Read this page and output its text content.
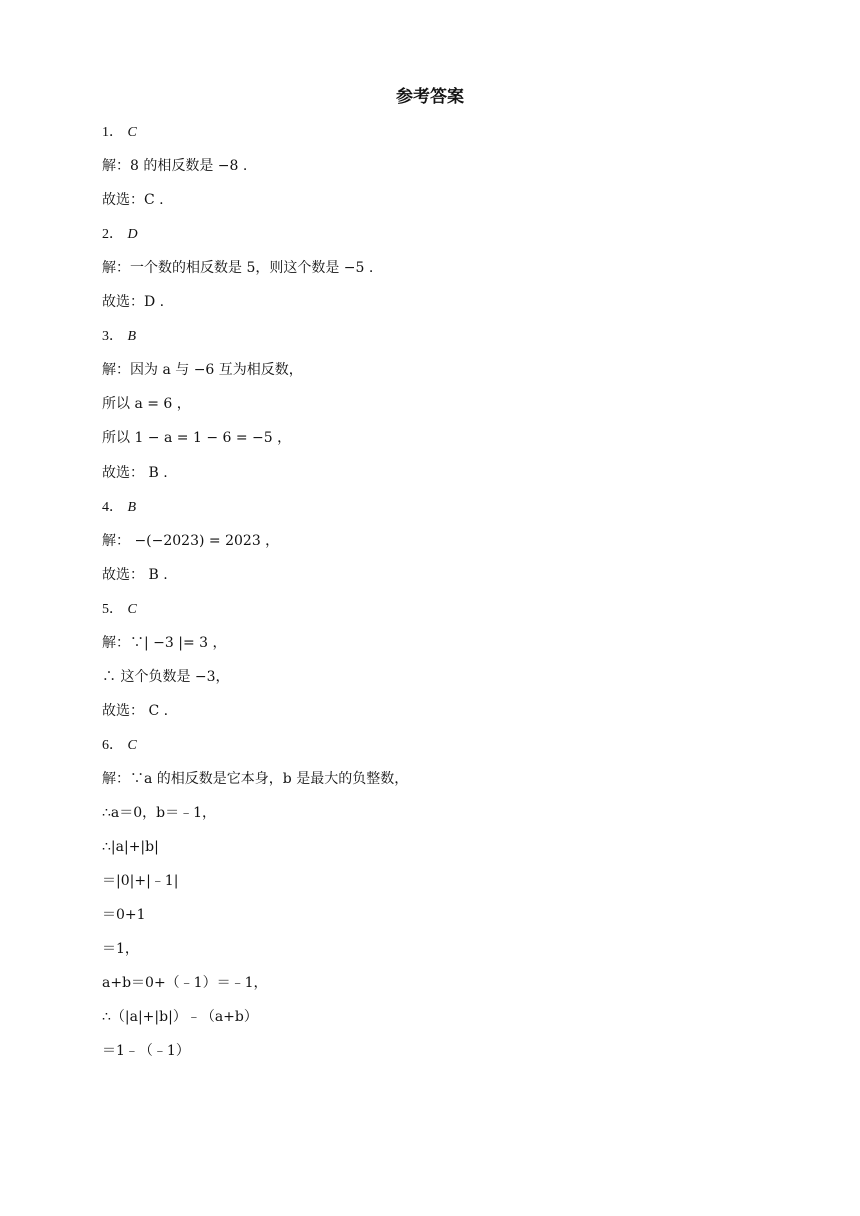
参考答案
1． C
解：8 的相反数是 −8 .
故选：C .
2． D
解：一个数的相反数是 5，则这个数是 −5 .
故选：D .
3． B
解：因为 a 与 −6 互为相反数，
所以 a = 6 ，
所以 1 − a = 1 − 6 = −5 ，
故选： B .
4． B
解： −(−2023) = 2023 ，
故选： B .
5． C
解：∵| −3 |= 3 ，
∴ 这个负数是 −3，
故选： C .
6． C
解：∵a 的相反数是它本身，b 是最大的负整数，
∴a＝0，b＝﹣1，
∴|a|+|b|
＝|0|+|﹣1|
＝0+1
＝1，
a+b＝0+（﹣1）＝﹣1，
∴（|a|+|b|）﹣（a+b）
＝1﹣（﹣1）
